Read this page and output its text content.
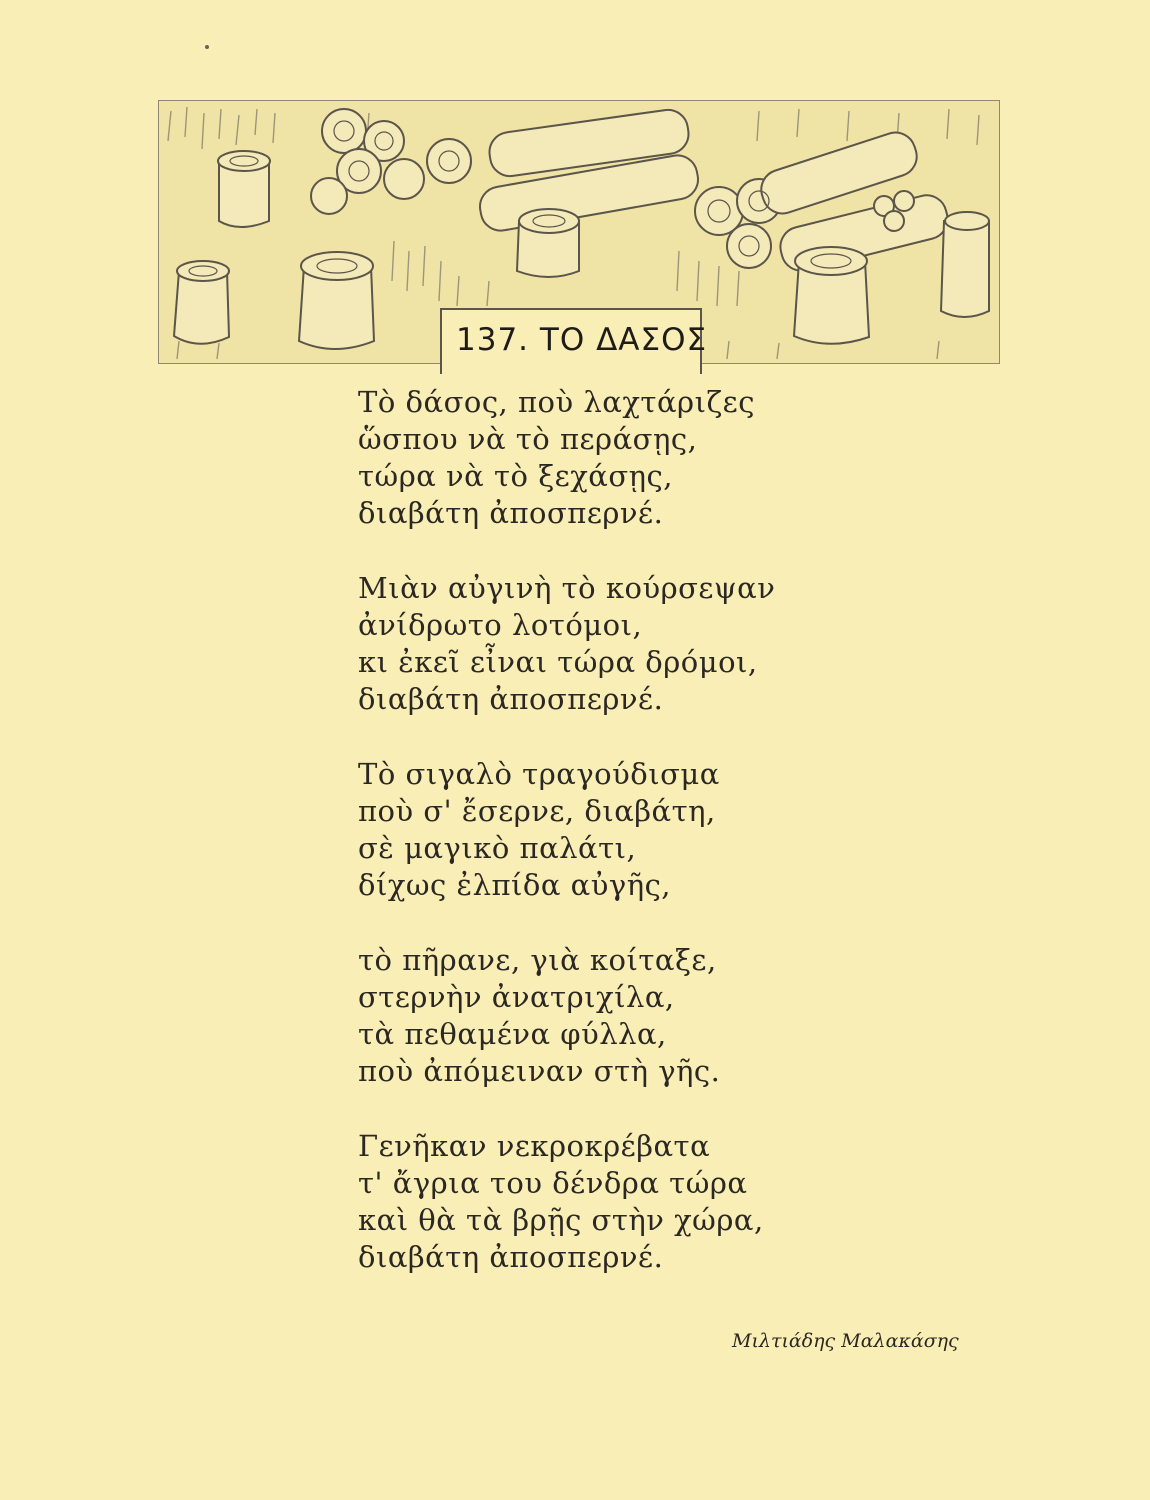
137. ΤΟ ΔΑΣΟΣ
Τὸ δάσος, ποὺ λαχτάριζες
ὥσπου νὰ τὸ περάσῃς,
τώρα νὰ τὸ ξεχάσῃς,
διαβάτη ἀποσπερνέ.
Μιὰν αὐγινὴ τὸ κούρσεψαν
ἀνίδρωτο λοτόμοι,
κι ἐκεῖ εἶναι τώρα δρόμοι,
διαβάτη ἀποσπερνέ.
Τὸ σιγαλὸ τραγούδισμα
ποὺ σ' ἔσερνε, διαβάτη,
σὲ μαγικὸ παλάτι,
δίχως ἐλπίδα αὐγῆς,
τὸ πῆρανε, γιὰ κοίταξε,
στερνὴν ἀνατριχίλα,
τὰ πεθαμένα φύλλα,
ποὺ ἀπόμειναν στὴ γῆς.
Γενῆκαν νεκροκρέβατα
τ' ἄγρια του δένδρα τώρα
καὶ θὰ τὰ βρῇς στὴν χώρα,
διαβάτη ἀποσπερνέ.
Μιλτιάδης Μαλακάσης
